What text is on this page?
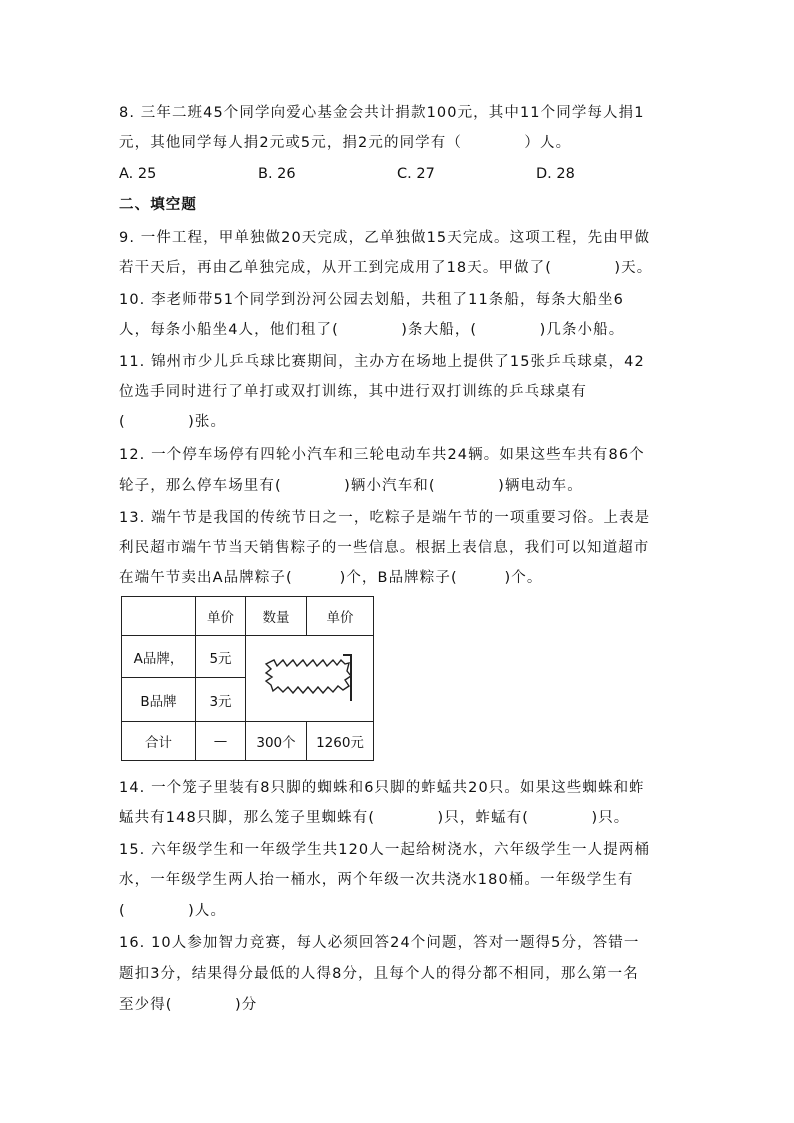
8. 三年二班45个同学向爱心基金会共计捐款100元，其中11个同学每人捐1
元，其他同学每人捐2元或5元，捐2元的同学有（　　　　）人。
A. 25	B. 26	C. 27	D. 28
二、填空题
9. 一件工程，甲单独做20天完成，乙单独做15天完成。这项工程，先由甲做
若干天后，再由乙单独完成，从开工到完成用了18天。甲做了(　　　　)天。
10. 李老师带51个同学到汾河公园去划船，共租了11条船，每条大船坐6
人，每条小船坐4人，他们租了(　　　　)条大船，(　　　　)几条小船。
11. 锦州市少儿乒乓球比赛期间，主办方在场地上提供了15张乒乓球桌，42
位选手同时进行了单打或双打训练，其中进行双打训练的乒乓球桌有
(　　　　)张。
12. 一个停车场停有四轮小汽车和三轮电动车共24辆。如果这些车共有86个
轮子，那么停车场里有(　　　　)辆小汽车和(　　　　)辆电动车。
13. 端午节是我国的传统节日之一，吃粽子是端午节的一项重要习俗。上表是
利民超市端午节当天销售粽子的一些信息。根据上表信息，我们可以知道超市
在端午节卖出A品牌粽子(　　　)个，B品牌粽子(　　　)个。
	单价	数量	单价
A品牌，	5元	
B品牌	3元		
合计	—	300个	1260元
14. 一个笼子里装有8只脚的蜘蛛和6只脚的蚱蜢共20只。如果这些蜘蛛和蚱
蜢共有148只脚，那么笼子里蜘蛛有(　　　　)只，蚱蜢有(　　　　)只。
15. 六年级学生和一年级学生共120人一起给树浇水，六年级学生一人提两桶
水，一年级学生两人抬一桶水，两个年级一次共浇水180桶。一年级学生有
(　　　　)人。
16. 10人参加智力竞赛，每人必须回答24个问题，答对一题得5分，答错一
题扣3分，结果得分最低的人得8分，且每个人的得分都不相同，那么第一名
至少得(　　　　)分
